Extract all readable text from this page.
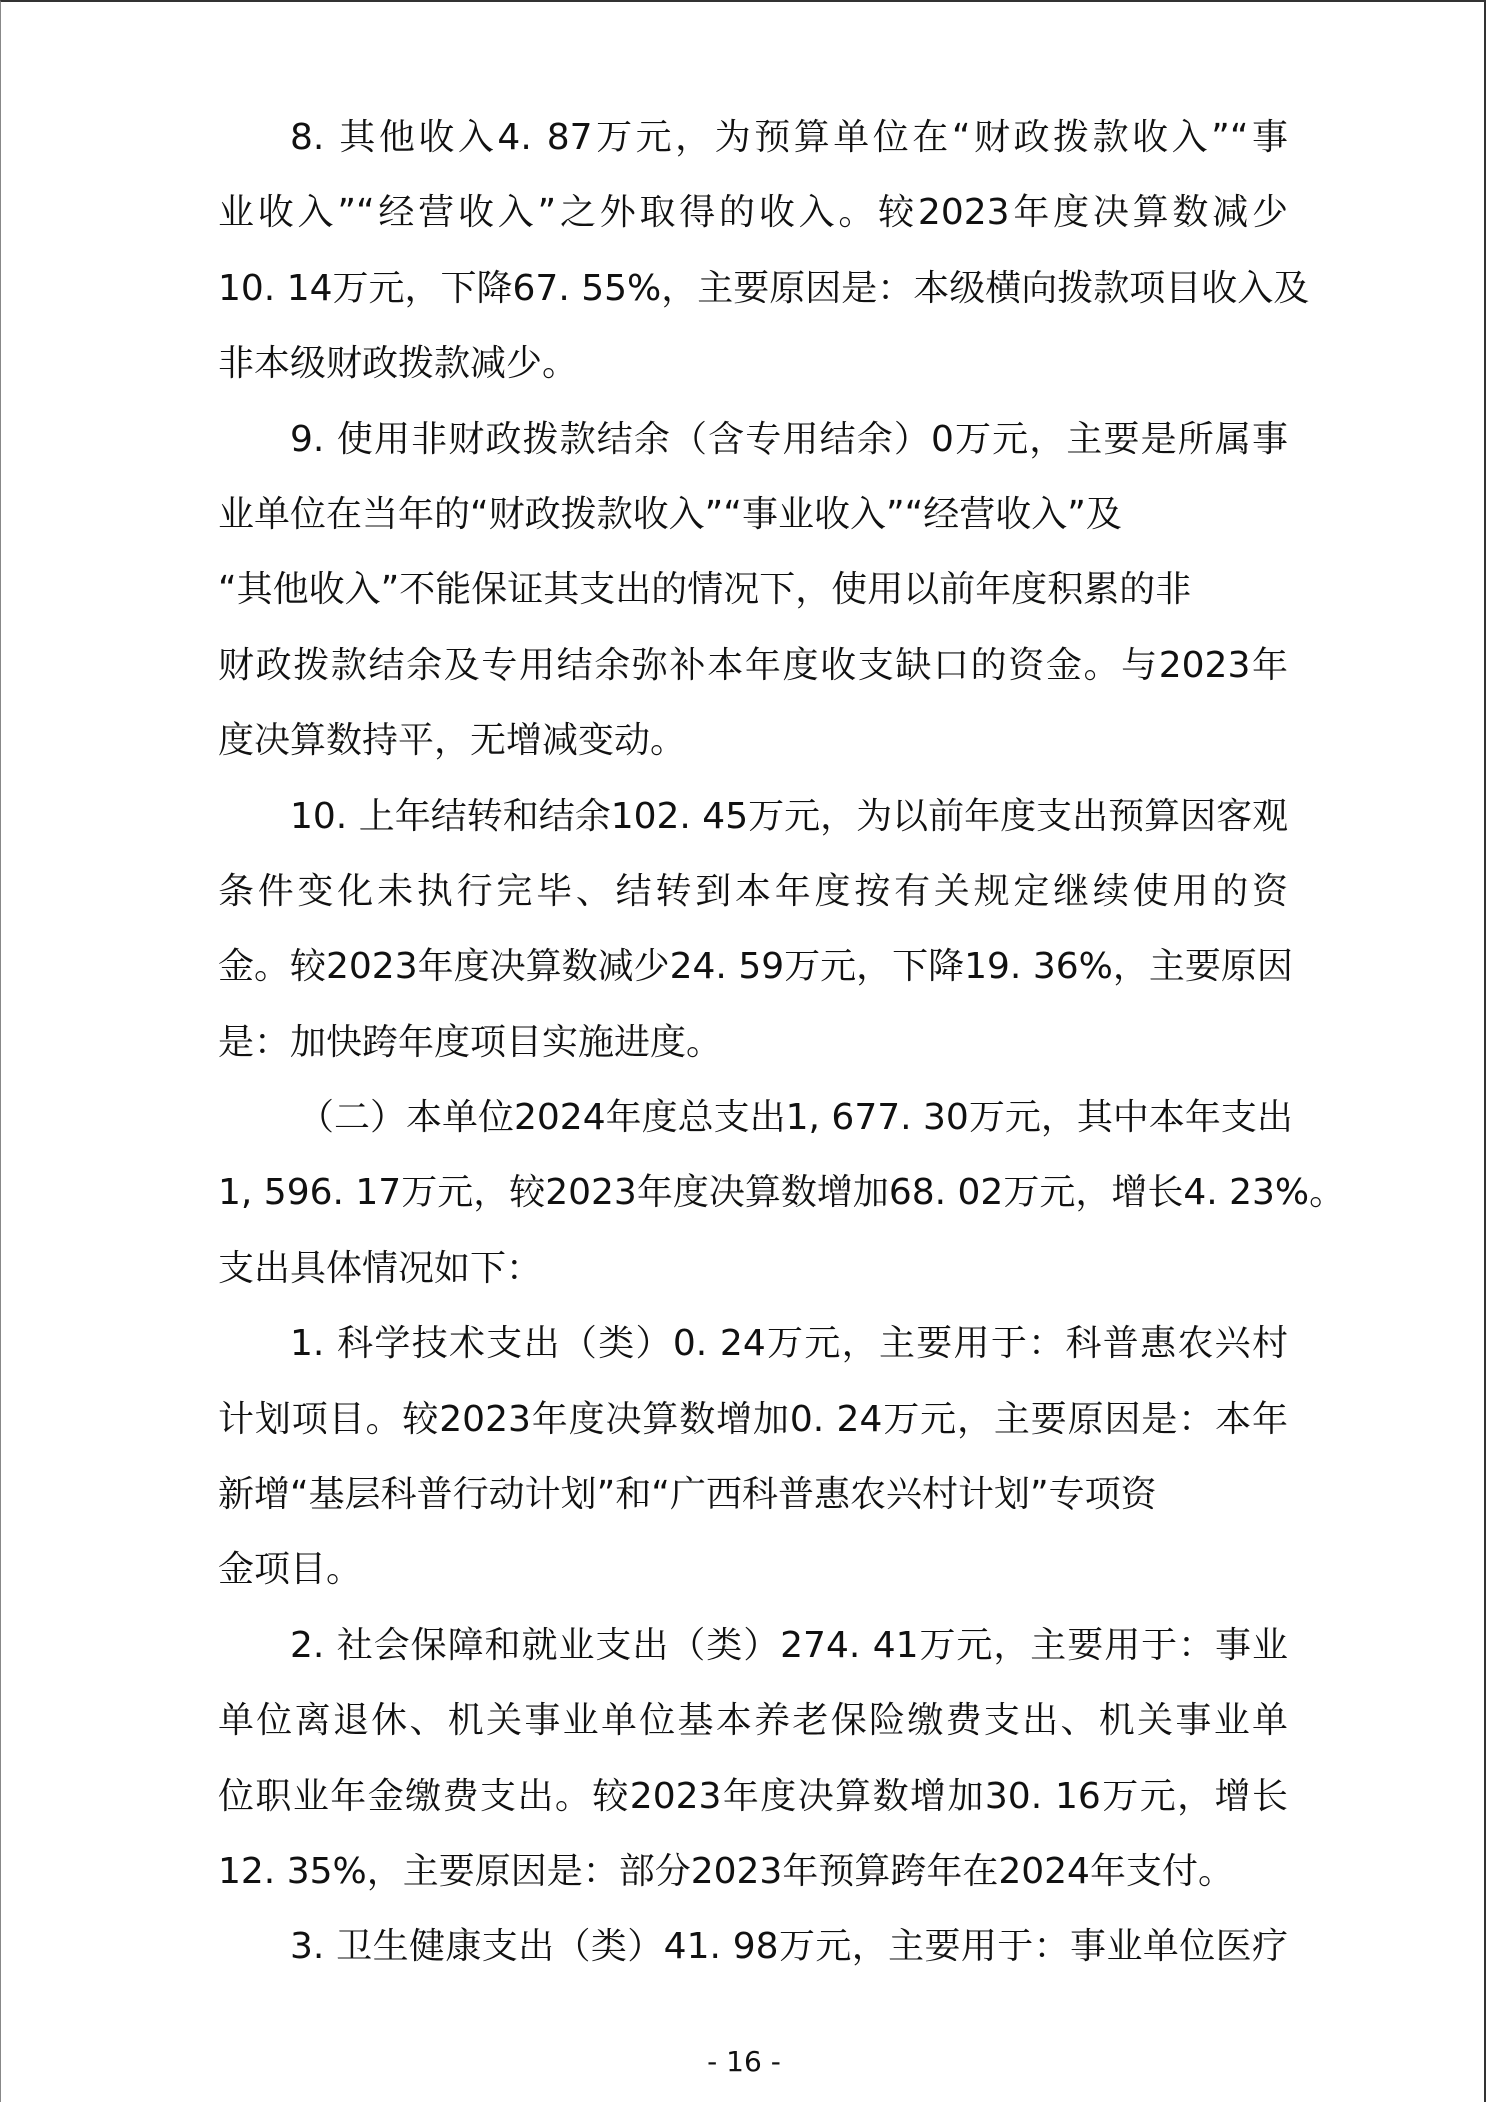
8. 其他收入4. 87万元，为预算单位在“财政拨款收入”“事
业收入”“经营收入”之外取得的收入。较2023年度决算数减少
10. 14万元，下降67. 55%，主要原因是：本级横向拨款项目收入及
非本级财政拨款减少。
9. 使用非财政拨款结余（含专用结余）0万元，主要是所属事
业单位在当年的“财政拨款收入”“事业收入”“经营收入”及
“其他收入”不能保证其支出的情况下，使用以前年度积累的非
财政拨款结余及专用结余弥补本年度收支缺口的资金。与2023年
度决算数持平，无增减变动。
10. 上年结转和结余102. 45万元，为以前年度支出预算因客观
条件变化未执行完毕、结转到本年度按有关规定继续使用的资
金。较2023年度决算数减少24. 59万元，下降19. 36%，主要原因
是：加快跨年度项目实施进度。
（二）本单位2024年度总支出1, 677. 30万元，其中本年支出
1, 596. 17万元，较2023年度决算数增加68. 02万元，增长4. 23%。
支出具体情况如下：
1. 科学技术支出（类）0. 24万元，主要用于：科普惠农兴村
计划项目。较2023年度决算数增加0. 24万元，主要原因是：本年
新增“基层科普行动计划”和“广西科普惠农兴村计划”专项资
金项目。
2. 社会保障和就业支出（类）274. 41万元，主要用于：事业
单位离退休、机关事业单位基本养老保险缴费支出、机关事业单
位职业年金缴费支出。较2023年度决算数增加30. 16万元，增长
12. 35%，主要原因是：部分2023年预算跨年在2024年支付。
3. 卫生健康支出（类）41. 98万元，主要用于：事业单位医疗
- 16 -
